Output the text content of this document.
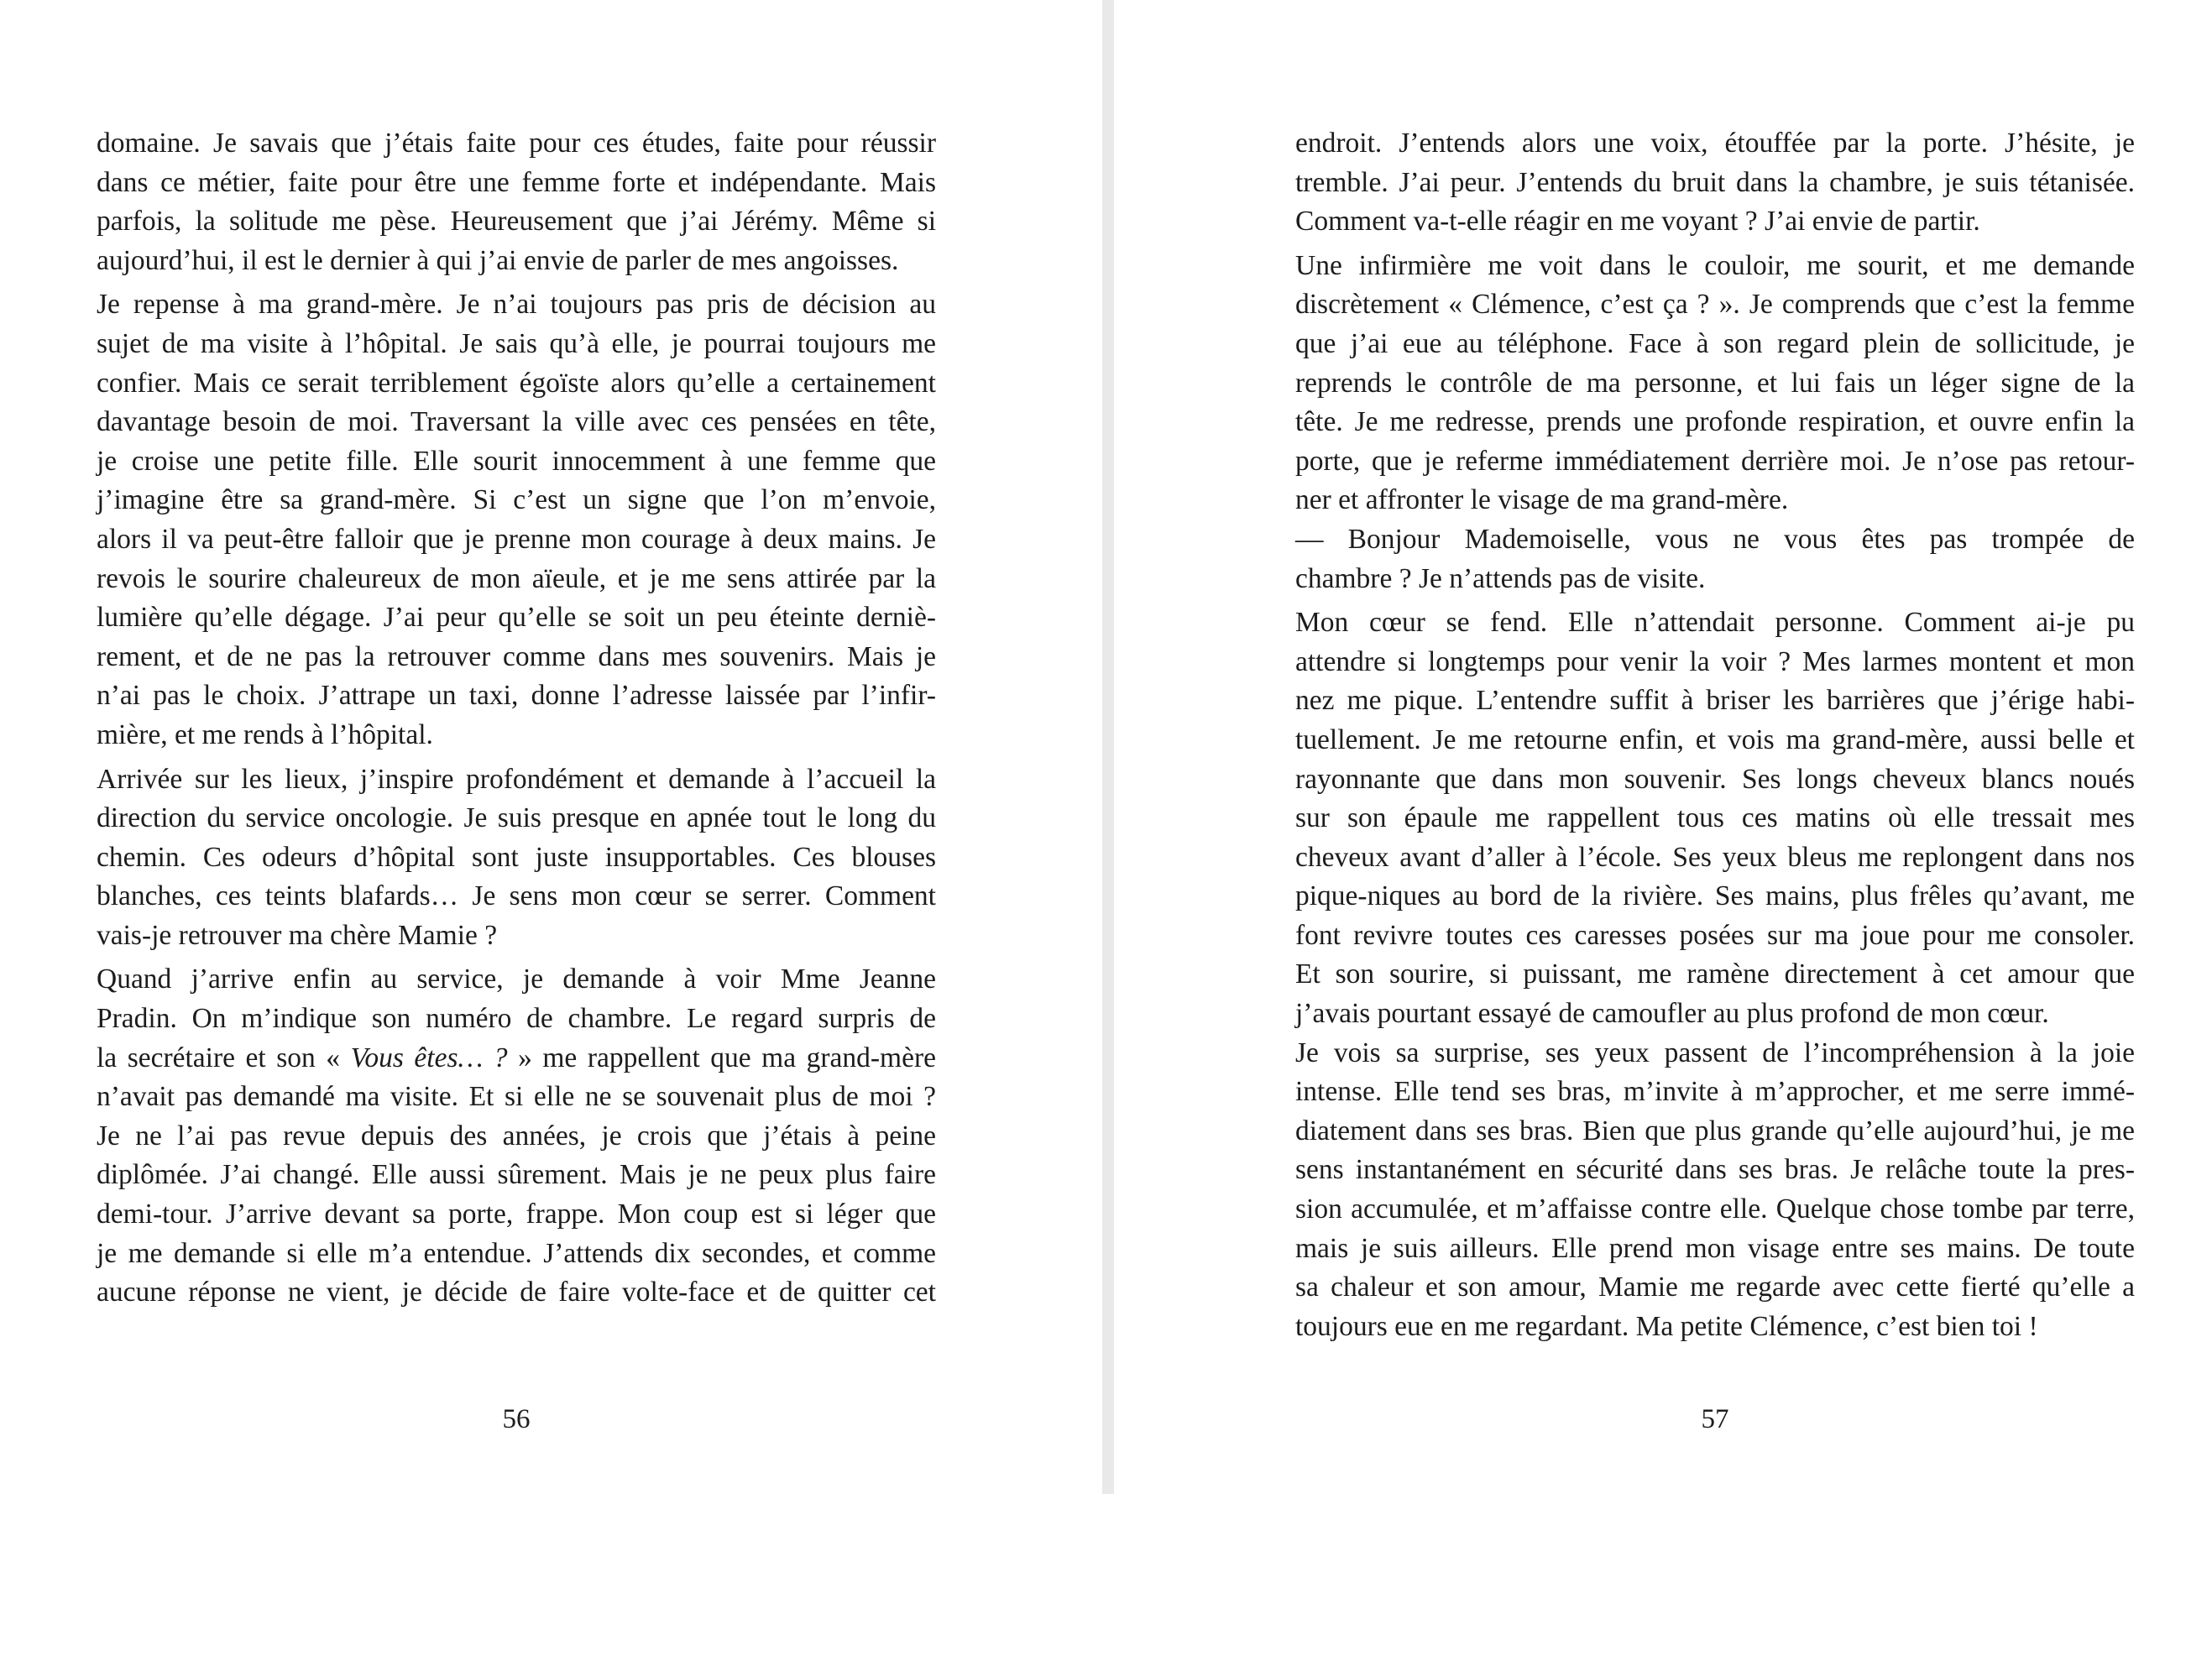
domaine. Je savais que j’étais faite pour ces études, faite pour réussir
dans ce métier, faite pour être une femme forte et indépendante. Mais
parfois, la solitude me pèse. Heureusement que j’ai Jérémy. Même si
aujourd’hui, il est le dernier à qui j’ai envie de parler de mes angoisses.

Je repense à ma grand-mère. Je n’ai toujours pas pris de décision au
sujet de ma visite à l’hôpital. Je sais qu’à elle, je pourrai toujours me
confier. Mais ce serait terriblement égoïste alors qu’elle a certainement
davantage besoin de moi. Traversant la ville avec ces pensées en tête,
je croise une petite fille. Elle sourit innocemment à une femme que
j’imagine être sa grand-mère. Si c’est un signe que l’on m’envoie,
alors il va peut-être falloir que je prenne mon courage à deux mains. Je
revois le sourire chaleureux de mon aïeule, et je me sens attirée par la
lumière qu’elle dégage. J’ai peur qu’elle se soit un peu éteinte derniè-
rement, et de ne pas la retrouver comme dans mes souvenirs. Mais je
n’ai pas le choix. J’attrape un taxi, donne l’adresse laissée par l’infir-
mière, et me rends à l’hôpital.

Arrivée sur les lieux, j’inspire profondément et demande à l’accueil la
direction du service oncologie. Je suis presque en apnée tout le long du
chemin. Ces odeurs d’hôpital sont juste insupportables. Ces blouses
blanches, ces teints blafards… Je sens mon cœur se serrer. Comment
vais-je retrouver ma chère Mamie ?

Quand j’arrive enfin au service, je demande à voir Mme Jeanne
Pradin. On m’indique son numéro de chambre. Le regard surpris de
la secrétaire et son « Vous êtes… ? » me rappellent que ma grand-mère
n’avait pas demandé ma visite. Et si elle ne se souvenait plus de moi ?
Je ne l’ai pas revue depuis des années, je crois que j’étais à peine
diplômée. J’ai changé. Elle aussi sûrement. Mais je ne peux plus faire
demi-tour. J’arrive devant sa porte, frappe. Mon coup est si léger que
je me demande si elle m’a entendue. J’attends dix secondes, et comme
aucune réponse ne vient, je décide de faire volte-face et de quitter cet

endroit. J’entends alors une voix, étouffée par la porte. J’hésite, je
tremble. J’ai peur. J’entends du bruit dans la chambre, je suis tétanisée.
Comment va-t-elle réagir en me voyant ? J’ai envie de partir.

Une infirmière me voit dans le couloir, me sourit, et me demande
discrètement « Clémence, c’est ça ? ». Je comprends que c’est la femme
que j’ai eue au téléphone. Face à son regard plein de sollicitude, je
reprends le contrôle de ma personne, et lui fais un léger signe de la
tête. Je me redresse, prends une profonde respiration, et ouvre enfin la
porte, que je referme immédiatement derrière moi. Je n’ose pas retour-
ner et affronter le visage de ma grand-mère.

— Bonjour Mademoiselle, vous ne vous êtes pas trompée de
chambre ? Je n’attends pas de visite.

Mon cœur se fend. Elle n’attendait personne. Comment ai-je pu
attendre si longtemps pour venir la voir ? Mes larmes montent et mon
nez me pique. L’entendre suffit à briser les barrières que j’érige habi-
tuellement. Je me retourne enfin, et vois ma grand-mère, aussi belle et
rayonnante que dans mon souvenir. Ses longs cheveux blancs noués
sur son épaule me rappellent tous ces matins où elle tressait mes
cheveux avant d’aller à l’école. Ses yeux bleus me replongent dans nos
pique-niques au bord de la rivière. Ses mains, plus frêles qu’avant, me
font revivre toutes ces caresses posées sur ma joue pour me consoler.
Et son sourire, si puissant, me ramène directement à cet amour que
j’avais pourtant essayé de camoufler au plus profond de mon cœur.

Je vois sa surprise, ses yeux passent de l’incompréhension à la joie
intense. Elle tend ses bras, m’invite à m’approcher, et me serre immé-
diatement dans ses bras. Bien que plus grande qu’elle aujourd’hui, je me
sens instantanément en sécurité dans ses bras. Je relâche toute la pres-
sion accumulée, et m’affaisse contre elle. Quelque chose tombe par terre,
mais je suis ailleurs. Elle prend mon visage entre ses mains. De toute
sa chaleur et son amour, Mamie me regarde avec cette fierté qu’elle a
toujours eue en me regardant. Ma petite Clémence, c’est bien toi !

56	57
